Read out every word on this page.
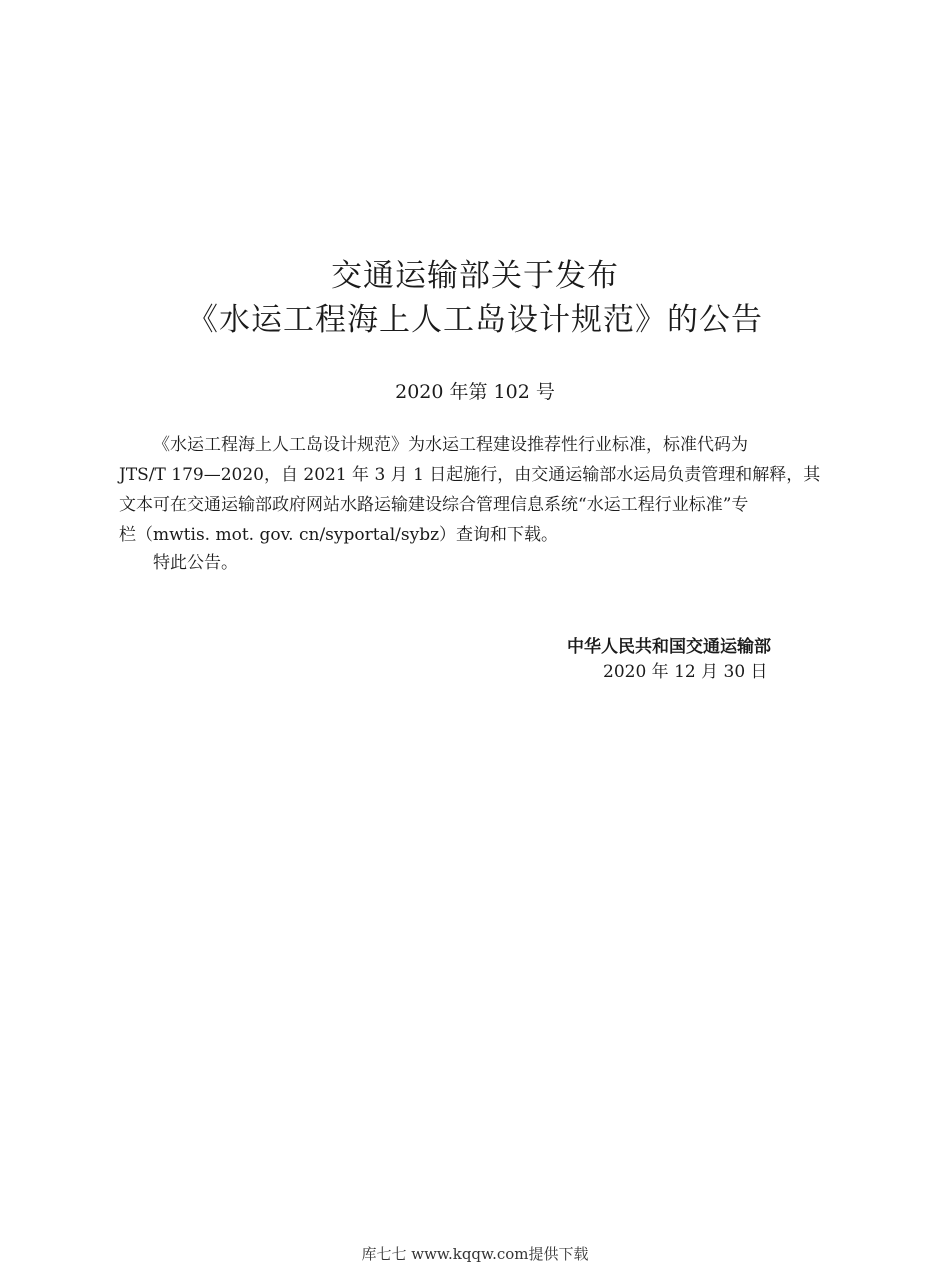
交通运输部关于发布
《水运工程海上人工岛设计规范》的公告
2020 年第 102 号
《水运工程海上人工岛设计规范》为水运工程建设推荐性行业标准，标准代码为
JTS/T 179—2020，自 2021 年 3 月 1 日起施行，由交通运输部水运局负责管理和解释，其
文本可在交通运输部政府网站水路运输建设综合管理信息系统“水运工程行业标准”专
栏（mwtis. mot. gov. cn/syportal/sybz）查询和下载。
特此公告。
中华人民共和国交通运输部
2020 年 12 月 30 日
库七七 www.kqqw.com提供下载
